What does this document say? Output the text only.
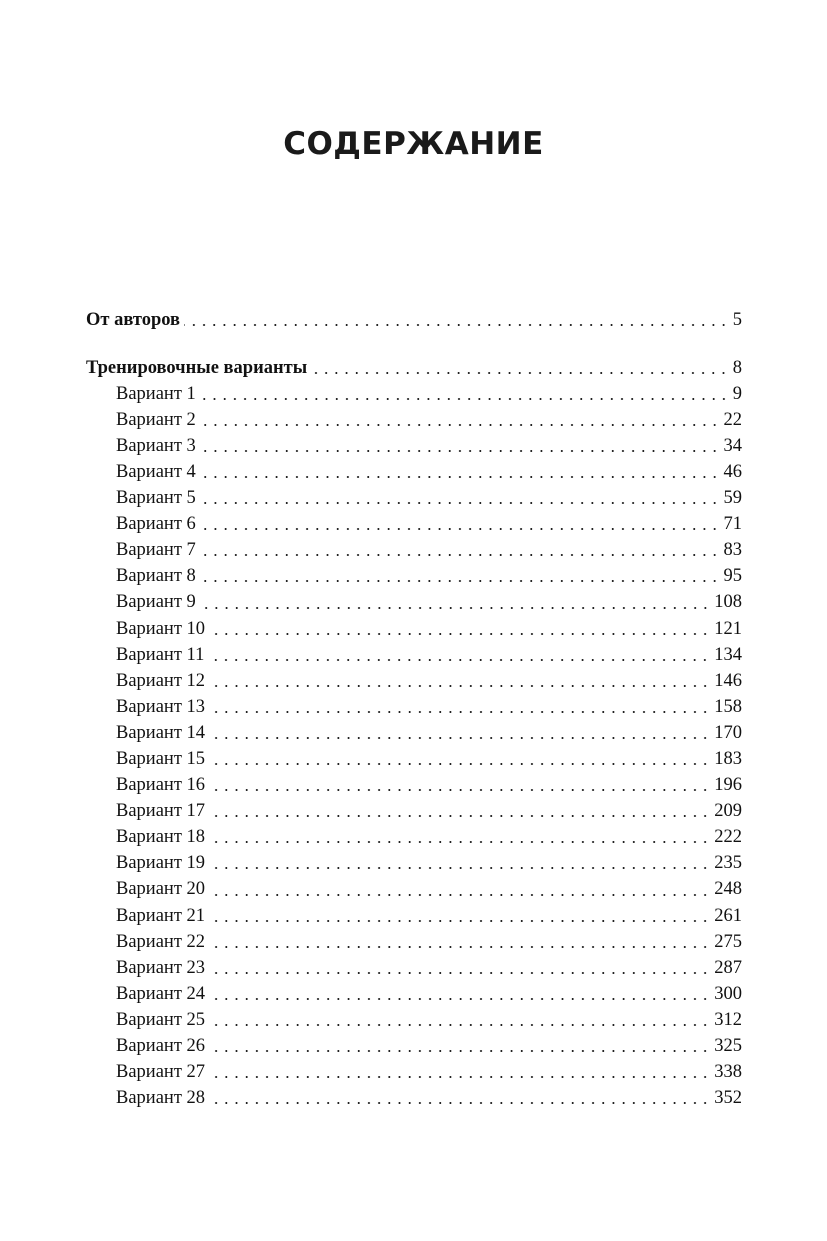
СОДЕРЖАНИЕ
От авторов	5
Тренировочные варианты	8
Вариант 1	9
Вариант 2	22
Вариант 3	34
Вариант 4	46
Вариант 5	59
Вариант 6	71
Вариант 7	83
Вариант 8	95
Вариант 9	108
Вариант 10	121
Вариант 11	134
Вариант 12	146
Вариант 13	158
Вариант 14	170
Вариант 15	183
Вариант 16	196
Вариант 17	209
Вариант 18	222
Вариант 19	235
Вариант 20	248
Вариант 21	261
Вариант 22	275
Вариант 23	287
Вариант 24	300
Вариант 25	312
Вариант 26	325
Вариант 27	338
Вариант 28	352
